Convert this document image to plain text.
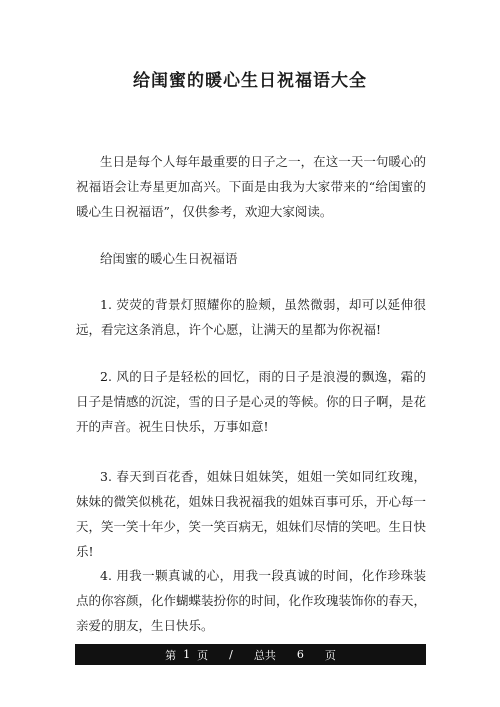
给闺蜜的暖心生日祝福语大全

生日是每个人每年最重要的日子之一，在这一天一句暖心的祝福语会让寿星更加高兴。下面是由我为大家带来的“给闺蜜的暖心生日祝福语”，仅供参考，欢迎大家阅读。

给闺蜜的暖心生日祝福语

1. 荧荧的背景灯照耀你的脸颊，虽然微弱，却可以延伸很远，看完这条消息，许个心愿，让满天的星都为你祝福!

2. 风的日子是轻松的回忆，雨的日子是浪漫的飘逸，霜的日子是情感的沉淀，雪的日子是心灵的等候。你的日子啊，是花开的声音。祝生日快乐，万事如意!

3. 春天到百花香，姐妹日姐妹笑，姐姐一笑如同红玫瑰，妹妹的微笑似桃花，姐妹日我祝福我的姐妹百事可乐，开心每一天，笑一笑十年少，笑一笑百病无，姐妹们尽情的笑吧。生日快乐!

4. 用我一颗真诚的心，用我一段真诚的时间，化作珍珠装点的你容颜，化作蝴蝶装扮你的时间，化作玫瑰装饰你的春天，亲爱的朋友，生日快乐。

第
1
页
/
总共
6
页
